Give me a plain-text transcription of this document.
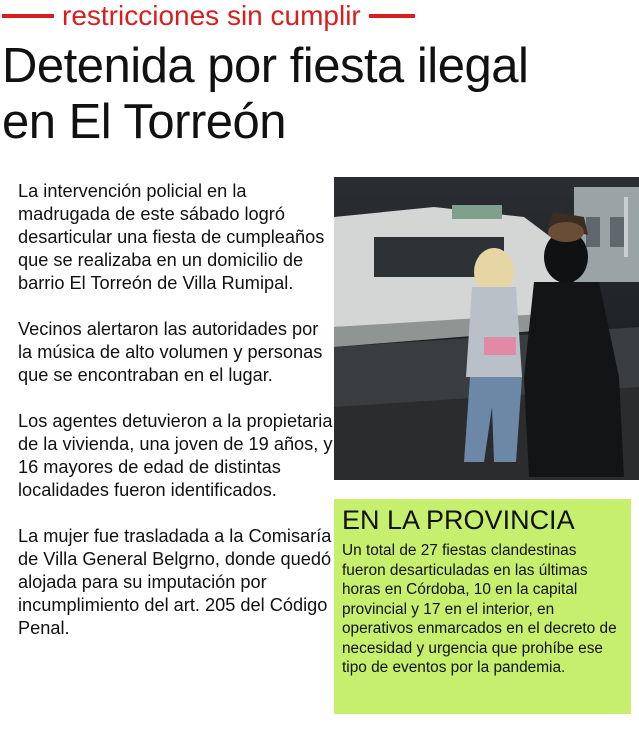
restricciones sin cumplir
Detenida por fiesta ilegal
en El Torreón

La intervención policial en la madrugada de este sábado logró desarticular una fiesta de cumpleaños que se realizaba en un domicilio de barrio El Torreón de Villa Rumipal.

Vecinos alertaron las autoridades por la música de alto volumen y personas que se encontraban en el lugar.

Los agentes detuvieron a la propietaria de la vivienda, una joven de 19 años, y 16 mayores de edad de distintas localidades fueron identificados.

La mujer fue trasladada a la Comisaría de Villa General Belgrno, donde quedó alojada para su imputación por incumplimiento del art. 205 del Código Penal.

EN LA PROVINCIA

Un total de 27 fiestas clandestinas fueron desarticuladas en las últimas horas en Córdoba, 10 en la capital provincial y 17 en el interior, en operativos enmarcados en el decreto de necesidad y urgencia que prohíbe ese tipo de eventos por la pandemia.
